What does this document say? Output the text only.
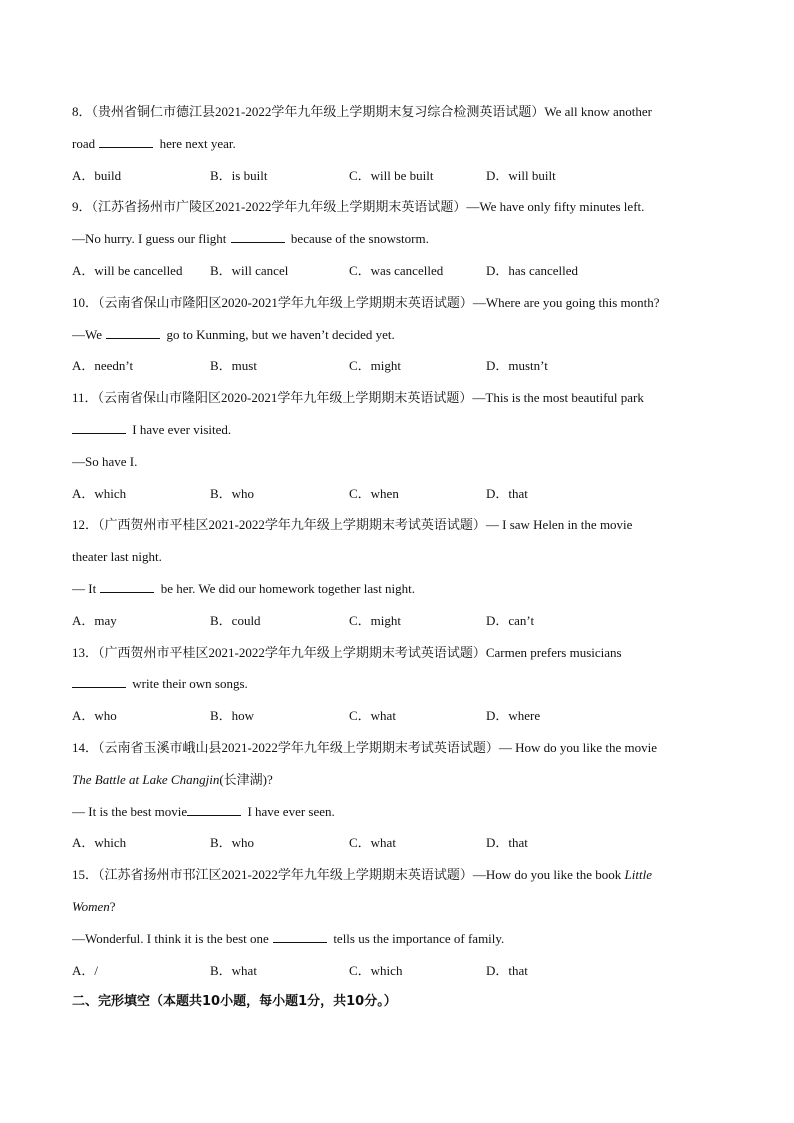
8．（贵州省铜仁市德江县2021-2022学年九年级上学期期末复习综合检测英语试题）We all know another
road	here next year.
A．build	B．is built	C．will be built	D．will built
9．（江苏省扬州市广陵区2021-2022学年九年级上学期期末英语试题）—We have only fifty minutes left.
—No hurry. I guess our flight	because of the snowstorm.
A．will be cancelled B．will cancel	C．was cancelled	D．has cancelled
10．（云南省保山市隆阳区2020-2021学年九年级上学期期末英语试题）—Where are you going this month?
—We	go to Kunming, but we haven’t decided yet.
A．needn’t	B．must	C．might	D．mustn’t
11．（云南省保山市隆阳区2020-2021学年九年级上学期期末英语试题）—This is the most beautiful park
I have ever visited.
—So have I.
A．which	B．who	C．when	D．that
12．（广西贺州市平桂区2021-2022学年九年级上学期期末考试英语试题）— I saw Helen in the movie
theater last night.
— It	be her. We did our homework together last night.
A．may	B．could	C．might	D．can’t
13．（广西贺州市平桂区2021-2022学年九年级上学期期末考试英语试题）Carmen prefers musicians
write their own songs.
A．who	B．how	C．what	D．where
14．（云南省玉溪市峨山县2021-2022学年九年级上学期期末考试英语试题）— How do you like the movie
The Battle at Lake Changjin(长津湖)?
— It is the best movie	I have ever seen.
A．which	B．who	C．what	D．that
15．（江苏省扬州市邗江区2021-2022学年九年级上学期期末英语试题）—How do you like the book Little
Women?
—Wonderful. I think it is the best one	tells us the importance of family.
A．/	B．what	C．which	D．that
二、完形填空（本题共10小题，每小题1分，共10分。）
